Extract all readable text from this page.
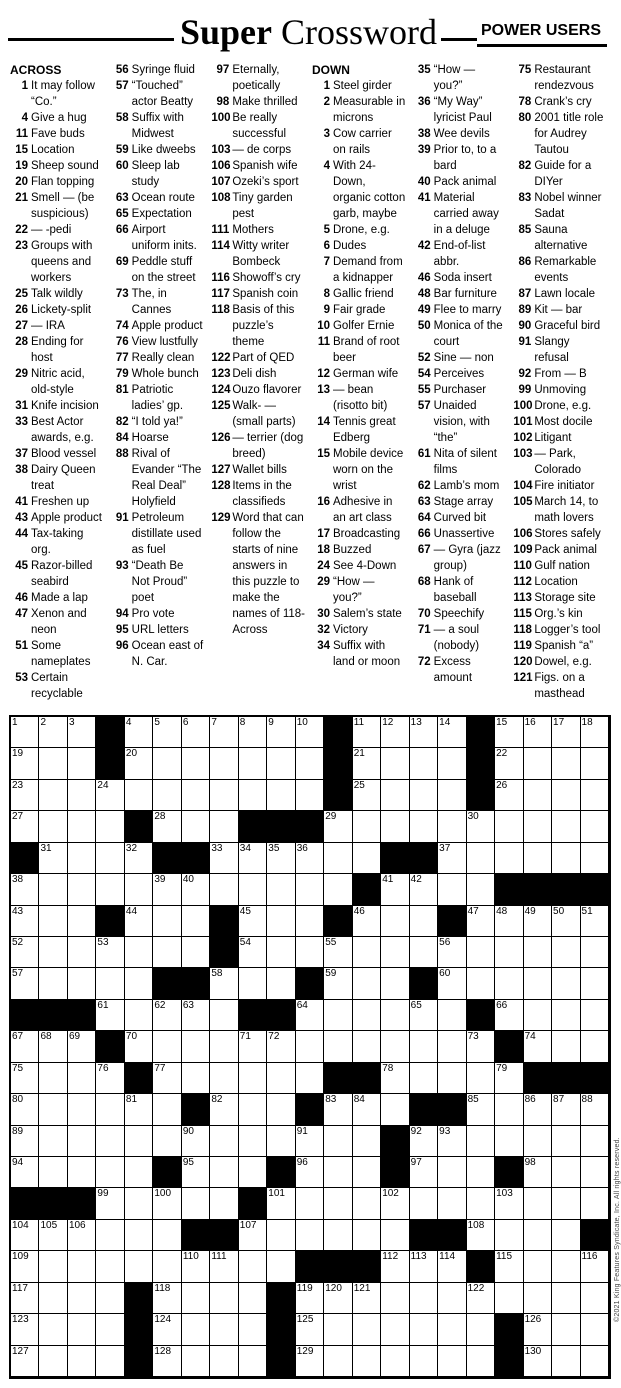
Super Crossword	POWER USERS
ACROSS
1 It may follow “Co.”
4 Give a hug
11 Fave buds
15 Location
19 Sheep sound
20 Flan topping
21 Smell — (be suspicious)
22 — -pedi
23 Groups with queens and workers
25 Talk wildly
26 Lickety-split
27 — IRA
28 Ending for host
29 Nitric acid, old-style
31 Knife incision
33 Best Actor awards, e.g.
37 Blood vessel
38 Dairy Queen treat
41 Freshen up
43 Apple product
44 Tax-taking org.
45 Razor-billed seabird
46 Made a lap
47 Xenon and neon
51 Some nameplates
53 Certain recyclable
56 Syringe fluid
57 “Touched” actor Beatty
58 Suffix with Midwest
59 Like dweebs
60 Sleep lab study
63 Ocean route
65 Expectation
66 Airport uniform inits.
69 Peddle stuff on the street
73 The, in Cannes
74 Apple product
76 View lustfully
77 Really clean
79 Whole bunch
81 Patriotic ladies’ gp.
82 “I told ya!”
84 Hoarse
88 Rival of Evander “The Real Deal” Holyfield
91 Petroleum distillate used as fuel
93 “Death Be Not Proud” poet
94 Pro vote
95 URL letters
96 Ocean east of N. Car.
97 Eternally, poetically
98 Make thrilled
100 Be really successful
103 — de corps
106 Spanish wife
107 Ozeki’s sport
108 Tiny garden pest
111 Mothers
114 Witty writer Bombeck
116 Showoff’s cry
117 Spanish coin
118 Basis of this puzzle’s theme
122 Part of QED
123 Deli dish
124 Ouzo flavorer
125 Walk- — (small parts)
126 — terrier (dog breed)
127 Wallet bills
128 Items in the classifieds
129 Word that can follow the starts of nine answers in this puzzle to make the names of 118-Across
DOWN
1 Steel girder
2 Measurable in microns
3 Cow carrier on rails
4 With 24-Down, organic cotton garb, maybe
5 Drone, e.g.
6 Dudes
7 Demand from a kidnapper
8 Gallic friend
9 Fair grade
10 Golfer Ernie
11 Brand of root beer
12 German wife
13 — bean (risotto bit)
14 Tennis great Edberg
15 Mobile device worn on the wrist
16 Adhesive in an art class
17 Broadcasting
18 Buzzed
24 See 4-Down
29 “How — you?”
30 Salem’s state
32 Victory
34 Suffix with land or moon
35 “How — you?”
36 “My Way” lyricist Paul
38 Wee devils
39 Prior to, to a bard
40 Pack animal
41 Material carried away in a deluge
42 End-of-list abbr.
46 Soda insert
48 Bar furniture
49 Flee to marry
50 Monica of the court
52 Sine — non
54 Perceives
55 Purchaser
57 Unaided vision, with “the”
61 Nita of silent films
62 Lamb’s mom
63 Stage array
64 Curved bit
66 Unassertive
67 — Gyra (jazz group)
68 Hank of baseball
70 Speechify
71 — a soul (nobody)
72 Excess amount
75 Restaurant rendezvous
78 Crank’s cry
80 2001 title role for Audrey Tautou
82 Guide for a DIYer
83 Nobel winner Sadat
85 Sauna alternative
86 Remarkable events
87 Lawn locale
89 Kit — bar
90 Graceful bird
91 Slangy refusal
92 From — B
99 Unmoving
100 Drone, e.g.
101 Most docile
102 Litigant
103 — Park, Colorado
104 Fire initiator
105 March 14, to math lovers
106 Stores safely
109 Pack animal
110 Gulf nation
112 Location
113 Storage site
115 Org.’s kin
118 Logger’s tool
119 Spanish “a”
120 Dowel, e.g.
121 Figs. on a masthead
1 2 3	4 5 6 7 8 9 10	11 12 13 14	15 16 17 18
19	20	21	22
23	24	25	26
27	28	29	30
31	32	33 34 35 36	37
38	39 40	41 42
43	44	45	46	47 48 49 50 51
52	53	54	55	56
57	58	59	60
61	62 63	64	65	66
67 68 69	70	71 72	73	74
75	76	77	78	79
80	81	82	83 84	85	86 87 88
89	90	91	92 93
94	95	96	97	98
99	100	101	102	103
104 105 106	107	108
109	110 111	112 113 114	115	116
117	118	119 120 121	122
123	124	125	126
127	128	129	130
©2021 King Features Syndicate, Inc. All rights reserved.
